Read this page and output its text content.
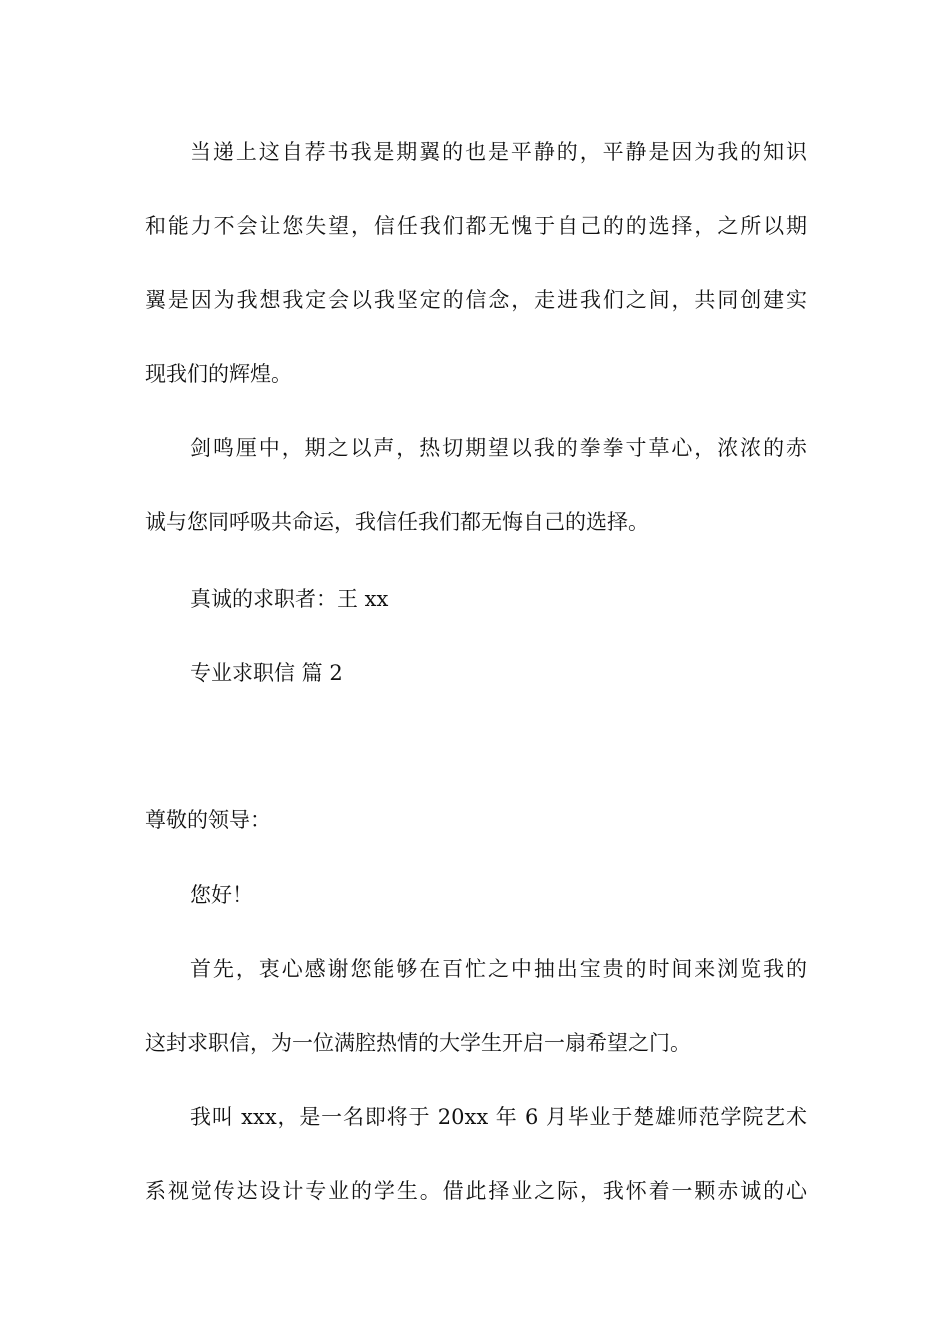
当递上这自荐书我是期翼的也是平静的，平静是因为我的知识
和能力不会让您失望，信任我们都无愧于自己的的选择，之所以期
翼是因为我想我定会以我坚定的信念，走进我们之间，共同创建实
现我们的辉煌。
剑鸣厘中，期之以声，热切期望以我的拳拳寸草心，浓浓的赤
诚与您同呼吸共命运，我信任我们都无悔自己的选择。
真诚的求职者：王 xx
专业求职信 篇 2
尊敬的领导：
您好！
首先，衷心感谢您能够在百忙之中抽出宝贵的时间来浏览我的
这封求职信，为一位满腔热情的大学生开启一扇希望之门。
我叫 xxx，是一名即将于 20xx 年 6 月毕业于楚雄师范学院艺术
系视觉传达设计专业的学生。借此择业之际，我怀着一颗赤诚的心
